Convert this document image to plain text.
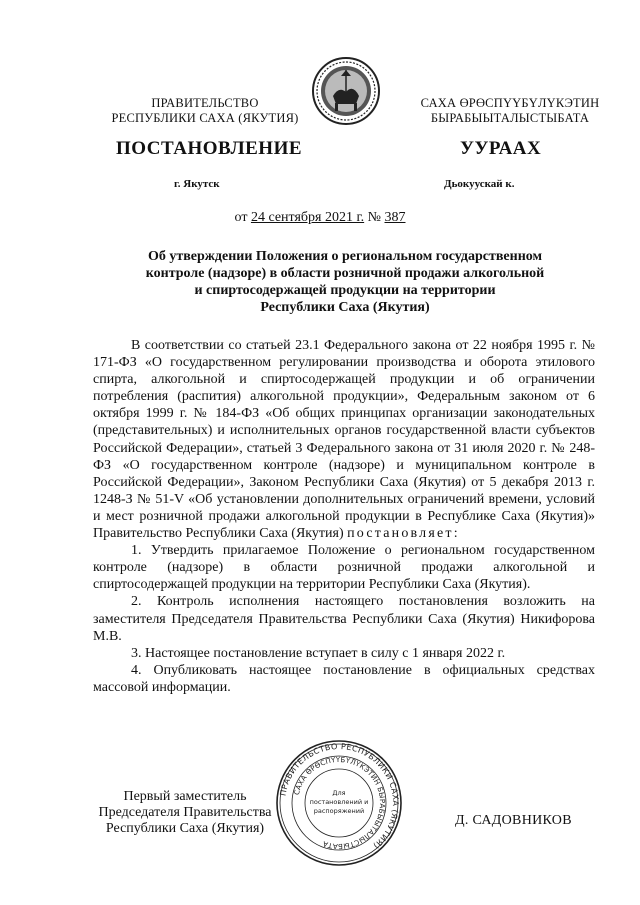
ПРАВИТЕЛЬСТВО
РЕСПУБЛИКИ САХА (ЯКУТИЯ)
САХА ӨРӨСПҮҮБҮЛҮКЭТИН
БЫРАБЫЫТАЛЫСТЫБАТА
ПОСТАНОВЛЕНИЕ	УУРААХ
г. Якутск	Дьокуускай к.
от 24 сентября 2021 г. № 387
Об утверждении Положения о региональном государственном
контроле (надзоре) в области розничной продажи алкогольной
и спиртосодержащей продукции на территории
Республики Саха (Якутия)

В соответствии со статьей 23.1 Федерального закона от 22 ноября 1995 г. № 171-ФЗ «О государственном регулировании производства и оборота этилового спирта, алкогольной и спиртосодержащей продукции и об ограничении потребления (распития) алкогольной продукции», Федеральным законом от 6 октября 1999 г. № 184-ФЗ «Об общих принципах организации законодательных (представительных) и исполнительных органов государственной власти субъектов Российской Федерации», статьей 3 Федерального закона от 31 июля 2020 г. № 248-ФЗ «О государственном контроле (надзоре) и муниципальном контроле в Российской Федерации», Законом Республики Саха (Якутия) от 5 декабря 2013 г. 1248-З № 51-V «Об установлении дополнительных ограничений времени, условий и мест розничной продажи алкогольной продукции в Республике Саха (Якутия)» Правительство Республики Саха (Якутия) постановляет:

1. Утвердить прилагаемое Положение о региональном государственном контроле (надзоре) в области розничной продажи алкогольной и спиртосодержащей продукции на территории Республики Саха (Якутия).

2. Контроль исполнения настоящего постановления возложить на заместителя Председателя Правительства Республики Саха (Якутия) Никифорова М.В.

3. Настоящее постановление вступает в силу с 1 января 2022 г.

4. Опубликовать настоящее постановление в официальных средствах массовой информации.

Первый заместитель
Председателя Правительства
Республики Саха (Якутия)
ПРАВИТЕЛЬСТВО РЕСПУБЛИКИ САХА (ЯКУТИЯ)
САХА ӨРӨСПҮҮБҮЛҮКЭТИН БЫРАБЫЫТАЛЫСТЫБАТА
Для
постановлений и
распоряжений
Д. САДОВНИКОВ
